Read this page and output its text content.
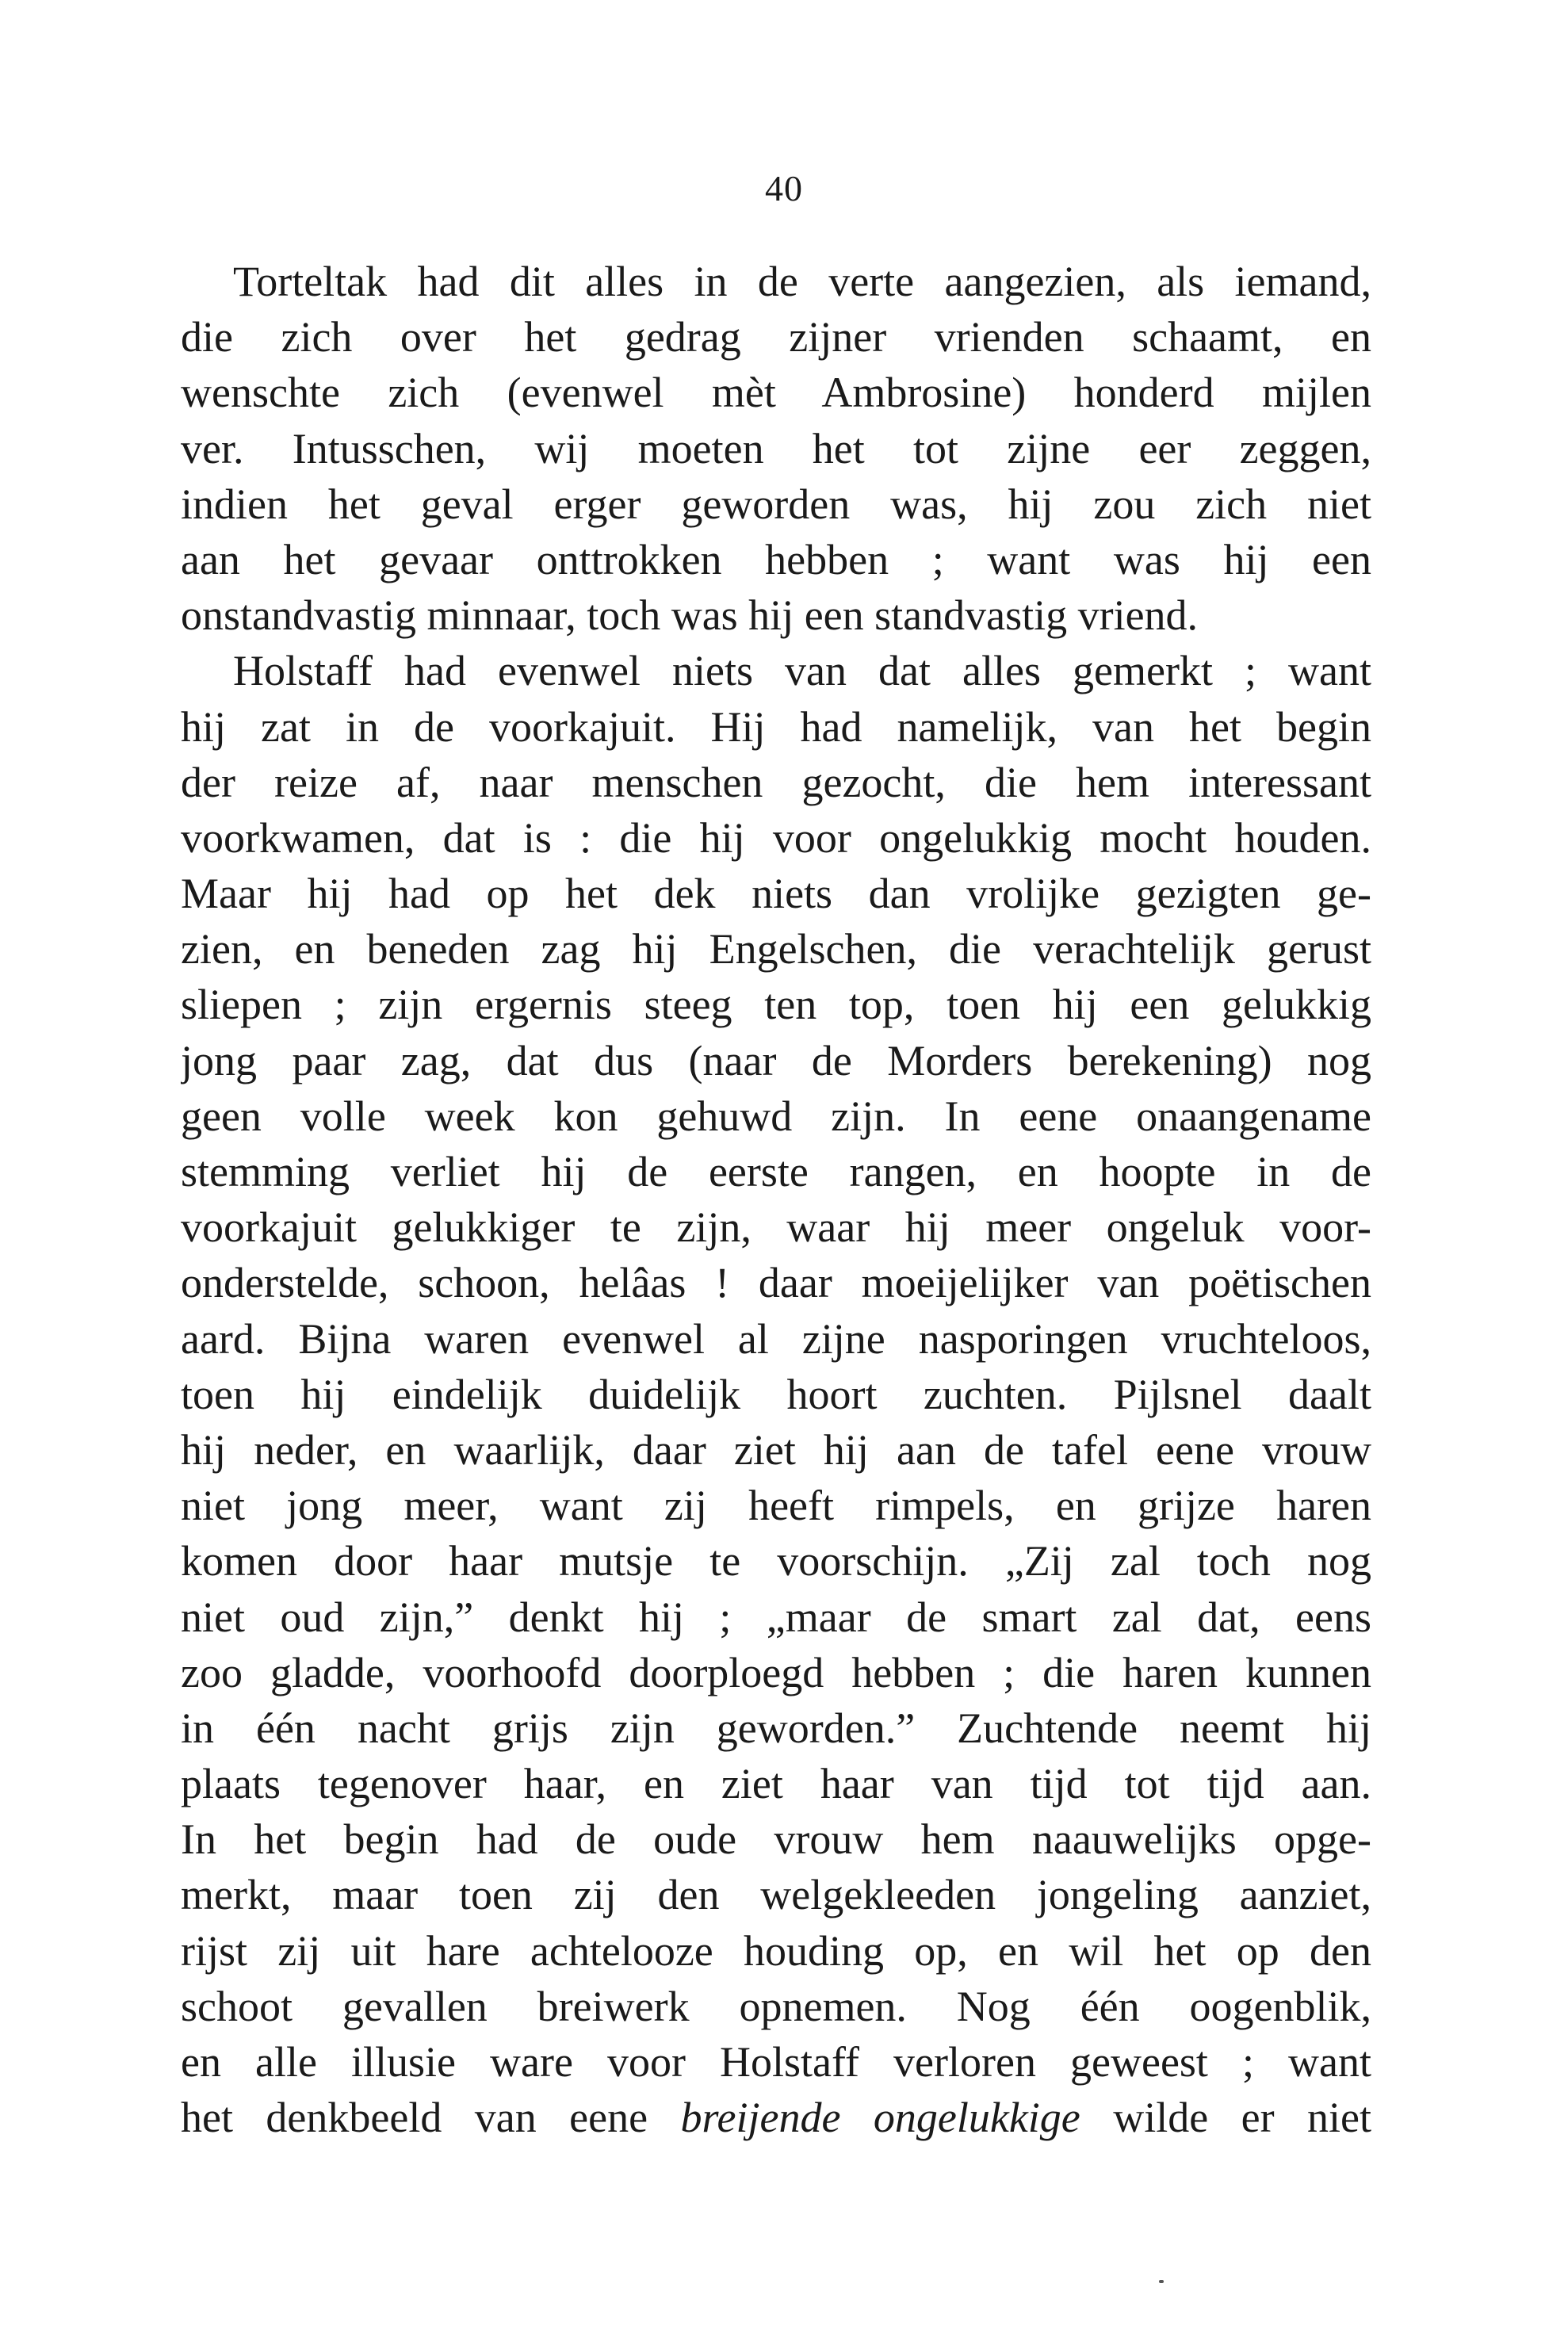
40
Torteltak had dit alles in de verte aangezien, als iemand,
die zich over het gedrag zijner vrienden schaamt, en
wenschte zich (evenwel mèt Ambrosine) honderd mijlen
ver. Intusschen, wij moeten het tot zijne eer zeggen,
indien het geval erger geworden was, hij zou zich niet
aan het gevaar onttrokken hebben ; want was hij een
onstandvastig minnaar, toch was hij een standvastig vriend.
Holstaff had evenwel niets van dat alles gemerkt ; want
hij zat in de voorkajuit. Hij had namelijk, van het begin
der reize af, naar menschen gezocht, die hem interessant
voorkwamen, dat is : die hij voor ongelukkig mocht houden.
Maar hij had op het dek niets dan vrolijke gezigten ge-
zien, en beneden zag hij Engelschen, die verachtelijk gerust
sliepen ; zijn ergernis steeg ten top, toen hij een gelukkig
jong paar zag, dat dus (naar de Morders berekening) nog
geen volle week kon gehuwd zijn. In eene onaangename
stemming verliet hij de eerste rangen, en hoopte in de
voorkajuit gelukkiger te zijn, waar hij meer ongeluk voor-
onderstelde, schoon, helâas ! daar moeijelijker van poëtischen
aard. Bijna waren evenwel al zijne nasporingen vruchteloos,
toen hij eindelijk duidelijk hoort zuchten. Pijlsnel daalt
hij neder, en waarlijk, daar ziet hij aan de tafel eene vrouw
niet jong meer, want zij heeft rimpels, en grijze haren
komen door haar mutsje te voorschijn. „Zij zal toch nog
niet oud zijn,” denkt hij ; „maar de smart zal dat, eens
zoo gladde, voorhoofd doorploegd hebben ; die haren kunnen
in één nacht grijs zijn geworden.” Zuchtende neemt hij
plaats tegenover haar, en ziet haar van tijd tot tijd aan.
In het begin had de oude vrouw hem naauwelijks opge-
merkt, maar toen zij den welgekleeden jongeling aanziet,
rijst zij uit hare achtelooze houding op, en wil het op den
schoot gevallen breiwerk opnemen. Nog één oogenblik,
en alle illusie ware voor Holstaff verloren geweest ; want
het denkbeeld van eene breijende ongelukkige wilde er niet
